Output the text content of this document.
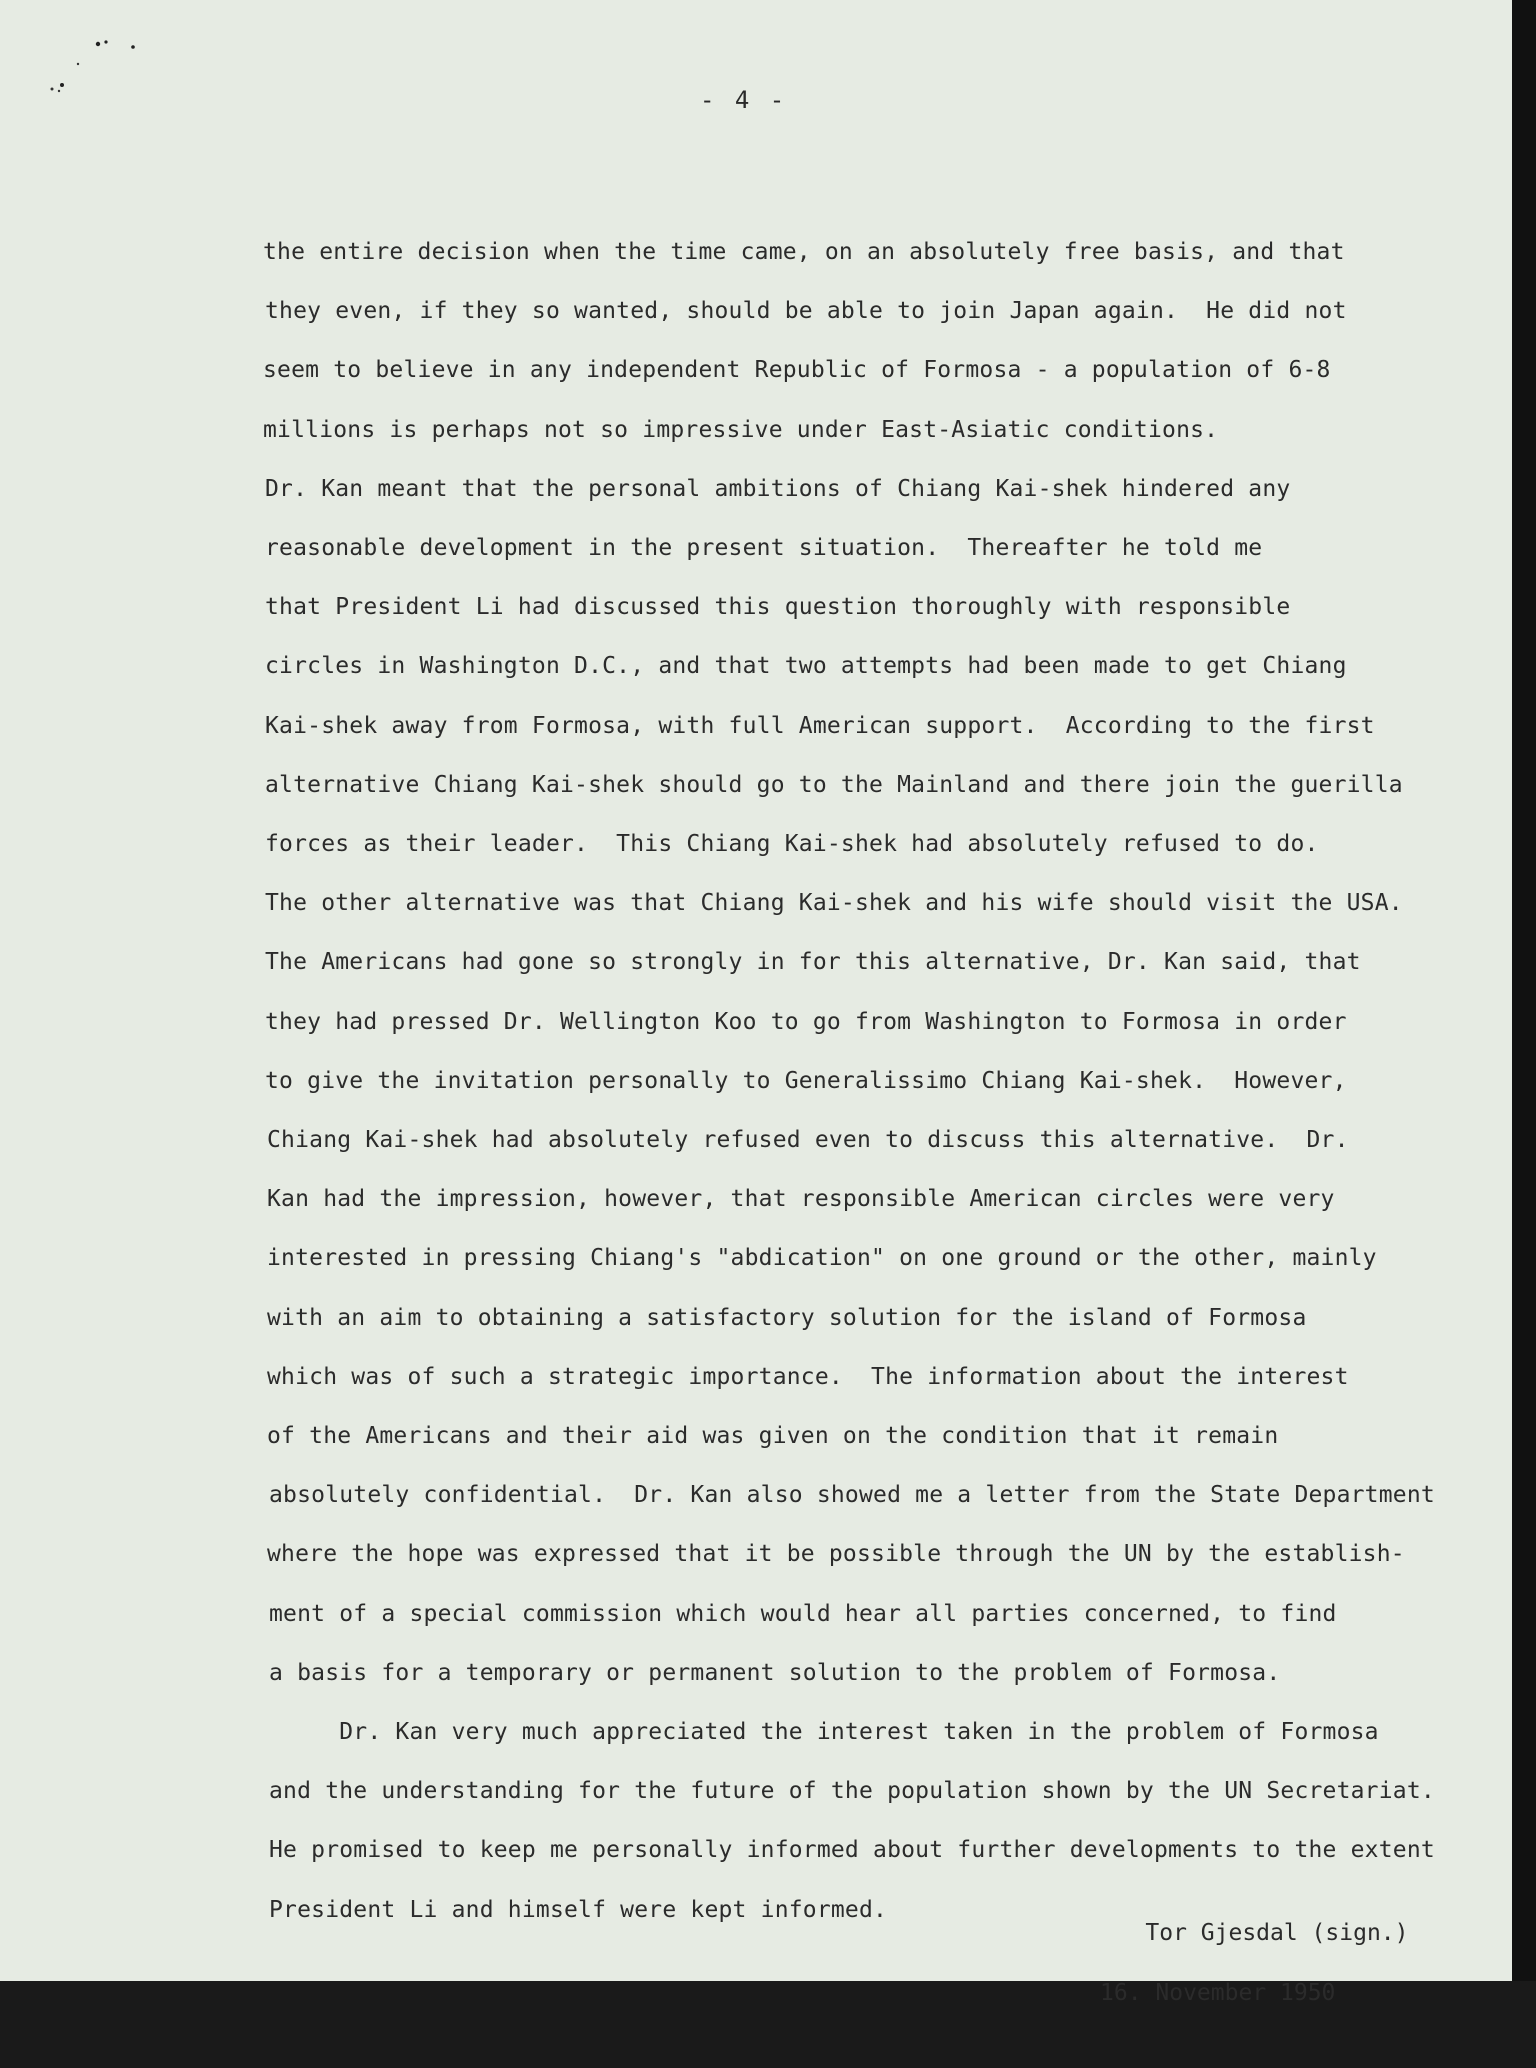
- 4 -
the entire decision when the time came, on an absolutely free basis, and that
they even, if they so wanted, should be able to join Japan again.  He did not
seem to believe in any independent Republic of Formosa - a population of 6-8
millions is perhaps not so impressive under East-Asiatic conditions.
Dr. Kan meant that the personal ambitions of Chiang Kai-shek hindered any
reasonable development in the present situation.  Thereafter he told me
that President Li had discussed this question thoroughly with responsible
circles in Washington D.C., and that two attempts had been made to get Chiang
Kai-shek away from Formosa, with full American support.  According to the first
alternative Chiang Kai-shek should go to the Mainland and there join the guerilla
forces as their leader.  This Chiang Kai-shek had absolutely refused to do.
The other alternative was that Chiang Kai-shek and his wife should visit the USA.
The Americans had gone so strongly in for this alternative, Dr. Kan said, that
they had pressed Dr. Wellington Koo to go from Washington to Formosa in order
to give the invitation personally to Generalissimo Chiang Kai-shek.  However,
Chiang Kai-shek had absolutely refused even to discuss this alternative.  Dr.
Kan had the impression, however, that responsible American circles were very
interested in pressing Chiang's "abdication" on one ground or the other, mainly
with an aim to obtaining a satisfactory solution for the island of Formosa
which was of such a strategic importance.  The information about the interest
of the Americans and their aid was given on the condition that it remain
absolutely confidential.  Dr. Kan also showed me a letter from the State Department
where the hope was expressed that it be possible through the UN by the establish-
ment of a special commission which would hear all parties concerned, to find
a basis for a temporary or permanent solution to the problem of Formosa.
Dr. Kan very much appreciated the interest taken in the problem of Formosa
and the understanding for the future of the population shown by the UN Secretariat.
He promised to keep me personally informed about further developments to the extent
President Li and himself were kept informed.

Tor Gjesdal (sign.)

16. November 1950
